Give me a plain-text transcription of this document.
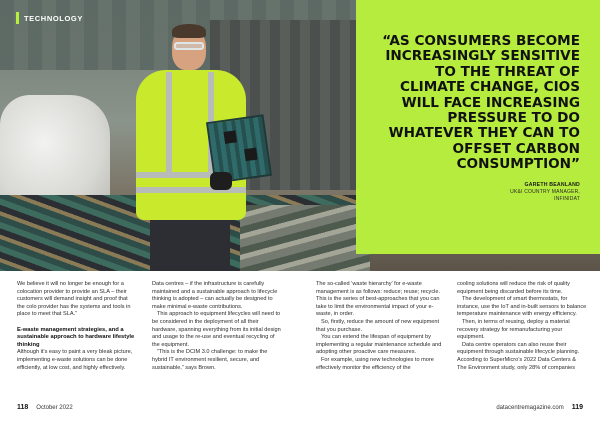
TECHNOLOGY
“AS CONSUMERS BECOME INCREASINGLY SENSITIVE TO THE THREAT OF CLIMATE CHANGE, CIOS WILL FACE INCREASING PRESSURE TO DO WHATEVER THEY CAN TO OFFSET CARBON CONSUMPTION”
GARETH BEANLAND
UK&I COUNTRY MANAGER,
INFINIDAT

We believe it will no longer be enough for a colocation provider to provide an SLA – their customers will demand insight and proof that the colo provider has the systems and tools in place to meet that SLA.”

E-waste management strategies, and a sustainable approach to hardware lifestyle thinking

Although it’s easy to paint a very bleak picture, implementing e-waste solutions can be done efficiently, at low cost, and highly effectively.

Data centres – if the infrastructure is carefully maintained and a sustainable approach to lifecycle thinking is adopted – can actually be designed to make minimal e-waste contributions.

This approach to equipment lifecycles will need to be considered in the deployment of all their hardware, spanning everything from its initial design and usage to the re-use and eventual recycling of the equipment.

“This is the DCIM 3.0 challenge: to make the hybrid IT environment resilient, secure, and sustainable,” says Brown.

The so-called ‘waste hierarchy’ for e-waste management is as follows: reduce; reuse; recycle. This is the series of best-approaches that you can take to limit the environmental impact of your e-waste, in order.

So, firstly, reduce the amount of new equipment that you purchase.

You can extend the lifespan of equipment by implementing a regular maintenance schedule and adopting other proactive care measures.

For example, using new technologies to more effectively monitor the efficiency of the

cooling solutions will reduce the risk of quality equipment being discarded before its time.

The development of smart thermostats, for instance, use the IoT and in-built sensors to balance temperature maintenance with energy efficiency.

Then, in terms of reusing, deploy a material recovery strategy for remanufacturing your equipment.

Data centre operators can also reuse their equipment through sustainable lifecycle planning. According to SuperMicro’s 2022 Data Centers & The Environment study, only 28% of companies

118 October 2022	datacentremagazine.com 119
